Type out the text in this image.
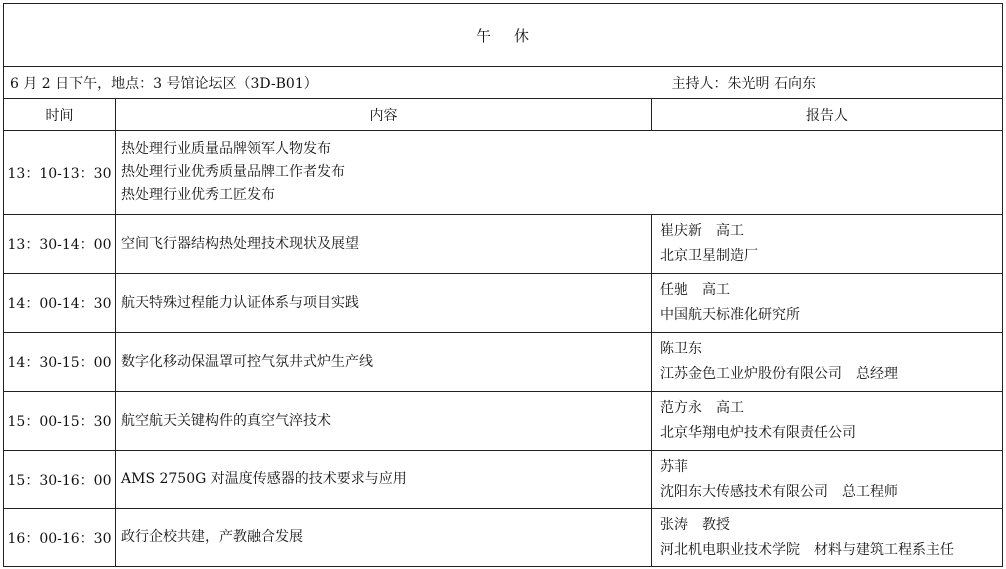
午 休		

6 月 2 日下午，地点：3 号馆论坛区（3D-B01） 主持人：朱光明 石向东		

时间	内容	报告人
13：10-13：30	热处理行业质量品牌领军人物发布
热处理行业优秀质量品牌工作者发布
热处理行业优秀工匠发布	

13：30-14：00	空间飞行器结构热处理技术现状及展望	崔庆新 高工
北京卫星制造厂

14：00-14：30	航天特殊过程能力认证体系与项目实践	任驰 高工
中国航天标准化研究所

14：30-15：00	数字化移动保温罩可控气氛井式炉生产线	陈卫东
江苏金色工业炉股份有限公司 总经理

15：00-15：30	航空航天关键构件的真空气淬技术	范方永 高工
北京华翔电炉技术有限责任公司

15：30-16：00	AMS 2750G 对温度传感器的技术要求与应用	苏菲
沈阳东大传感技术有限公司 总工程师

16：00-16：30	政行企校共建，产教融合发展	张涛 教授
河北机电职业技术学院 材料与建筑工程系主任
